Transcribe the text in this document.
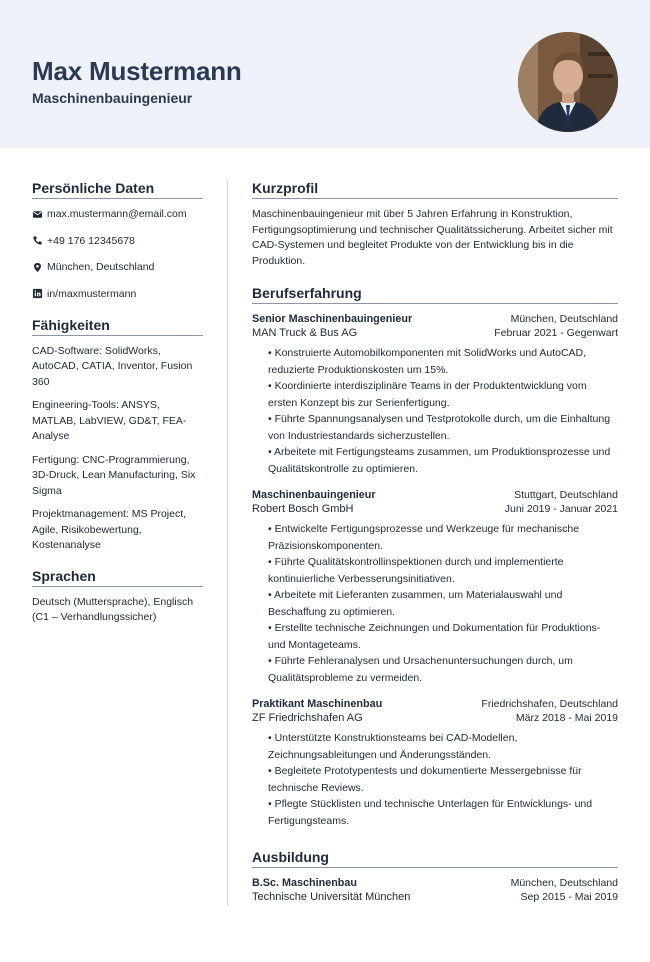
Max Mustermann
Maschinenbauingenieur
Persönliche Daten
max.mustermann@email.com
+49 176 12345678
München, Deutschland
in/maxmustermann
Fähigkeiten
CAD-Software: SolidWorks, AutoCAD, CATIA, Inventor, Fusion 360
Engineering-Tools: ANSYS, MATLAB, LabVIEW, GD&T, FEA-Analyse
Fertigung: CNC-Programmierung, 3D-Druck, Lean Manufacturing, Six Sigma
Projektmanagement: MS Project, Agile, Risikobewertung, Kostenanalyse
Sprachen
Deutsch (Muttersprache), Englisch (C1 – Verhandlungssicher)
Kurzprofil
Maschinenbauingenieur mit über 5 Jahren Erfahrung in Konstruktion, Fertigungsoptimierung und technischer Qualitätssicherung. Arbeitet sicher mit CAD-Systemen und begleitet Produkte von der Entwicklung bis in die Produktion.
Berufserfahrung
Senior Maschinenbauingenieur	München, Deutschland
MAN Truck & Bus AG	Februar 2021 - Gegenwart
• Konstruierte Automobilkomponenten mit SolidWorks und AutoCAD, reduzierte Produktionskosten um 15%.
• Koordinierte interdisziplinäre Teams in der Produktentwicklung vom ersten Konzept bis zur Serienfertigung.
• Führte Spannungsanalysen und Testprotokolle durch, um die Einhaltung von Industriestandards sicherzustellen.
• Arbeitete mit Fertigungsteams zusammen, um Produktionsprozesse und Qualitätskontrolle zu optimieren.
Maschinenbauingenieur	Stuttgart, Deutschland
Robert Bosch GmbH	Juni 2019 - Januar 2021
• Entwickelte Fertigungsprozesse und Werkzeuge für mechanische Präzisionskomponenten.
• Führte Qualitätskontrollinspektionen durch und implementierte kontinuierliche Verbesserungsinitiativen.
• Arbeitete mit Lieferanten zusammen, um Materialauswahl und Beschaffung zu optimieren.
• Erstellte technische Zeichnungen und Dokumentation für Produktions- und Montageteams.
• Führte Fehleranalysen und Ursachenuntersuchungen durch, um Qualitätsprobleme zu vermeiden.
Praktikant Maschinenbau	Friedrichshafen, Deutschland
ZF Friedrichshafen AG	März 2018 - Mai 2019
• Unterstützte Konstruktionsteams bei CAD-Modellen, Zeichnungsableitungen und Änderungsständen.
• Begleitete Prototypentests und dokumentierte Messergebnisse für technische Reviews.
• Pflegte Stücklisten und technische Unterlagen für Entwicklungs- und Fertigungsteams.
Ausbildung
B.Sc. Maschinenbau	München, Deutschland
Technische Universität München	Sep 2015 - Mai 2019
